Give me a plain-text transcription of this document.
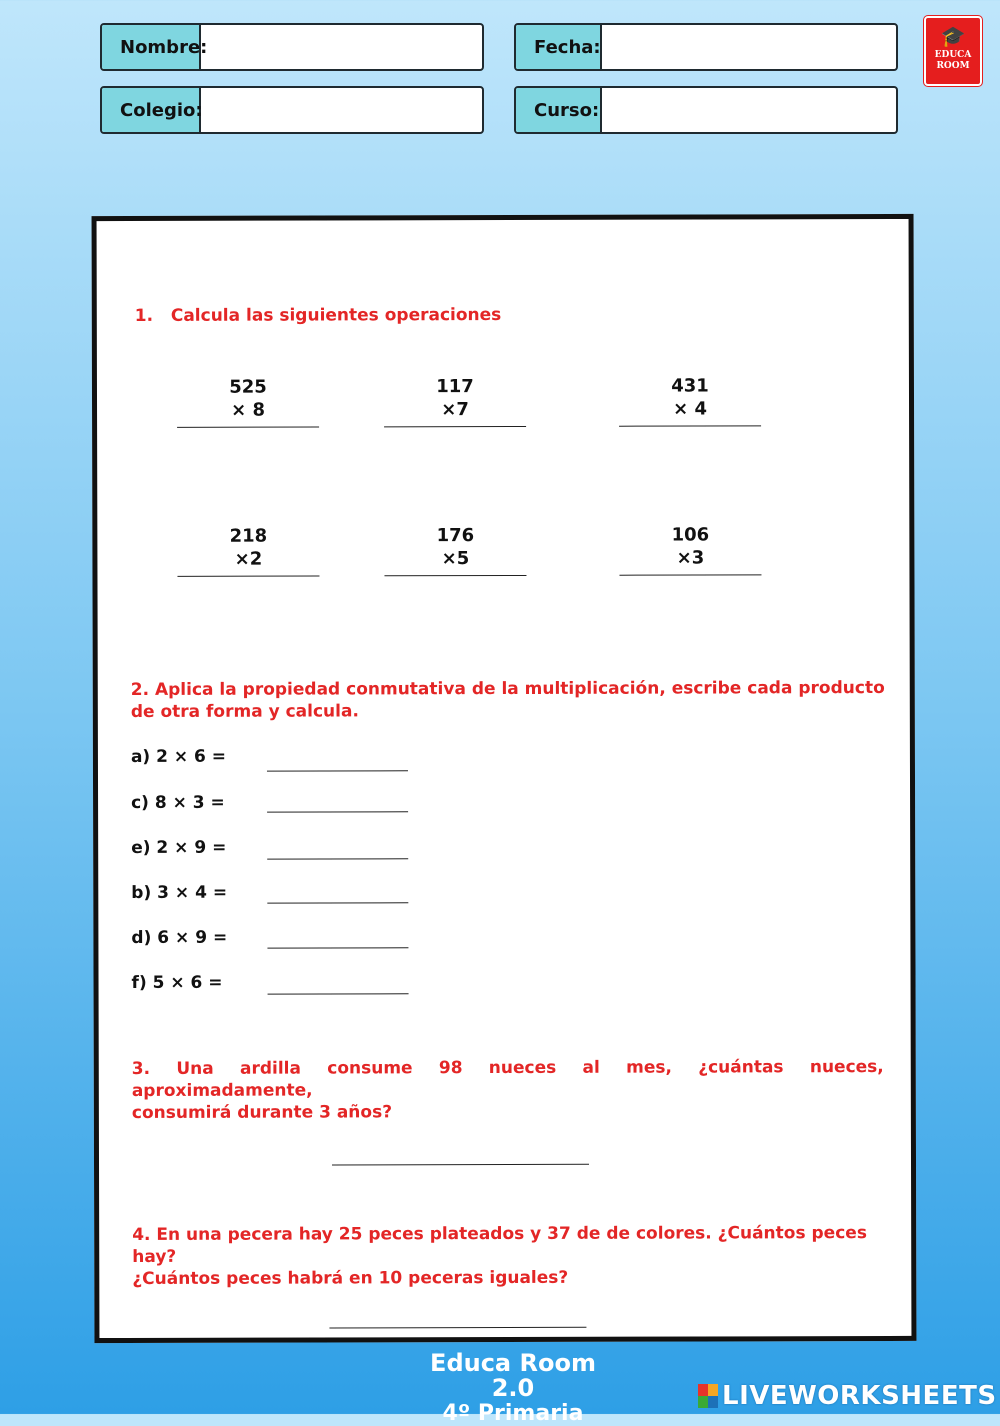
Nombre:	Fecha:
Colegio:	Curso:
🎓
EDUCA ROOM
1.   Calcula las siguientes operaciones
525
× 8
117
×7
431
× 4
218
×2
176
×5
106
×3
2. Aplica la propiedad conmutativa de la multiplicación, escribe cada producto
de otra forma y calcula.
a) 2 × 6 =
c) 8 × 3 =
e) 2 × 9 =
b) 3 × 4 =
d) 6 × 9 =
f) 5 × 6 =
3. Una ardilla consume 98 nueces al mes, ¿cuántas nueces, aproximadamente,
consumirá durante 3 años?
4. En una pecera hay 25 peces plateados y 37 de de colores. ¿Cuántos peces hay?
¿Cuántos peces habrá en 10 peceras iguales?
Educa Room 2.0
4º Primaria
LIVEWORKSHEETS
